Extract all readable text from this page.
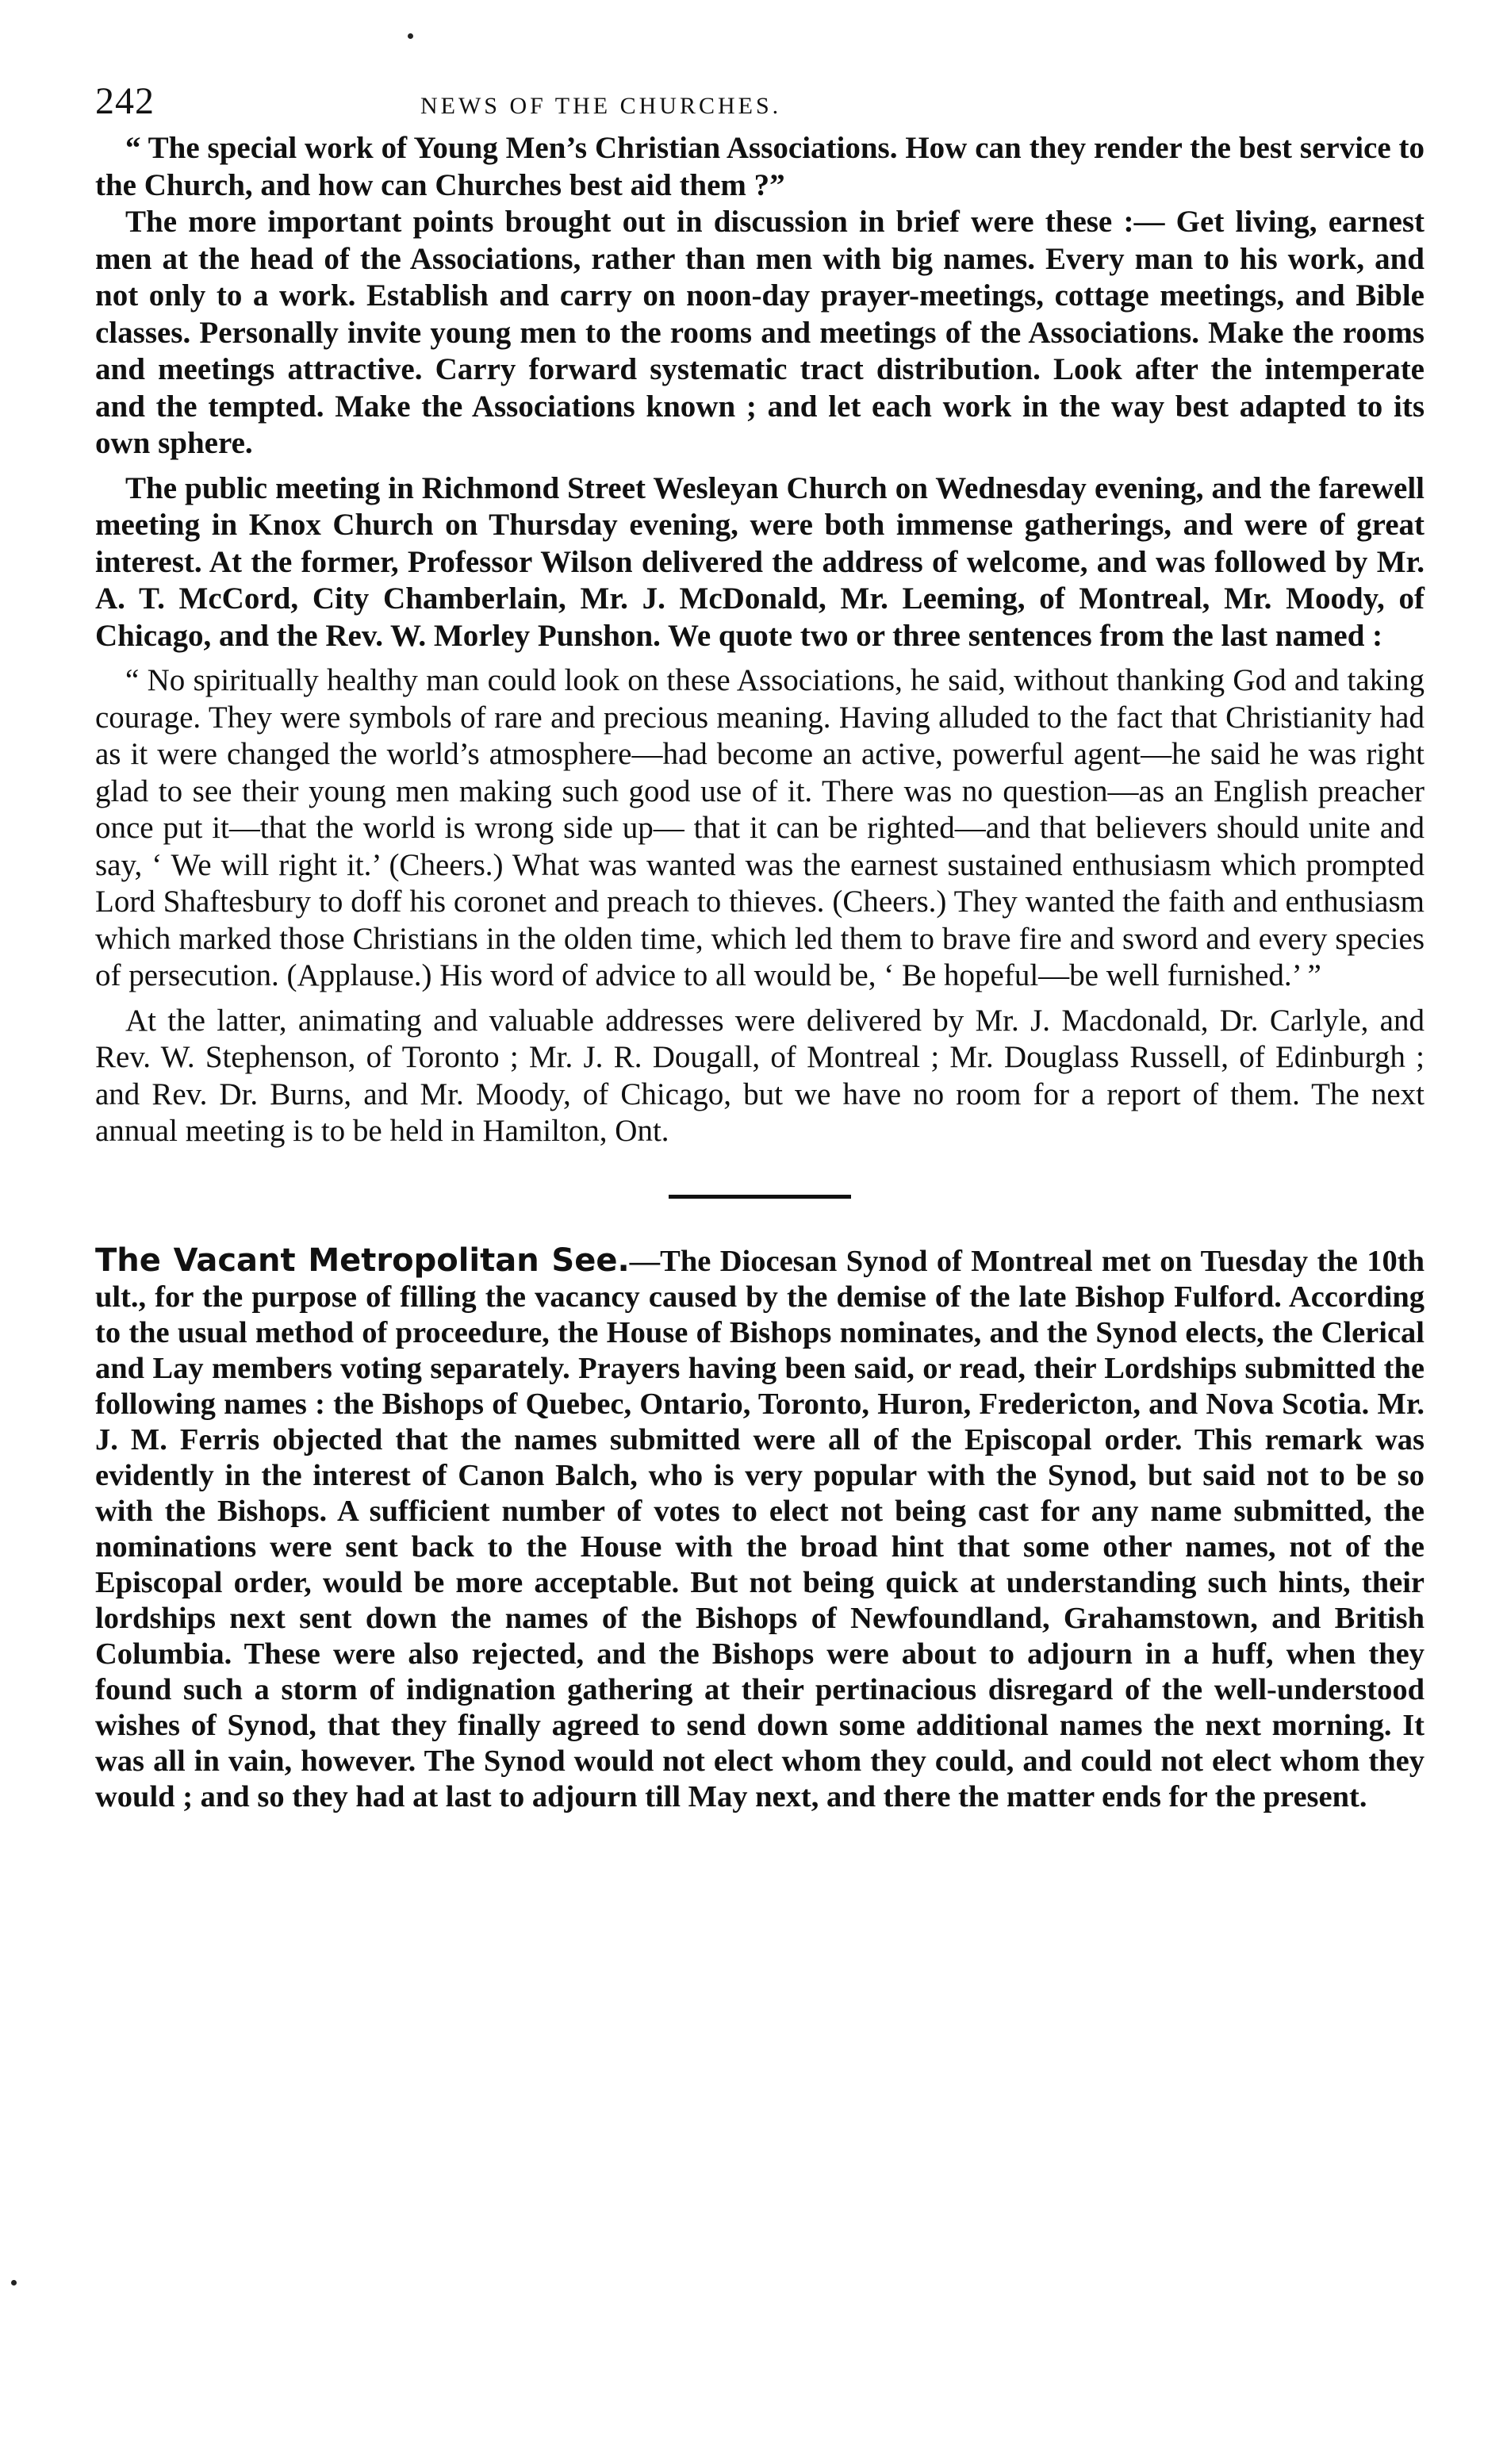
242	NEWS OF THE CHURCHES.

“ The special work of Young Men’s Christian Associations. How can they render the best service to the Church, and how can Churches best aid them ?”

The more important points brought out in discussion in brief were these :— Get living, earnest men at the head of the Associations, rather than men with big names. Every man to his work, and not only to a work. Establish and carry on noon-day prayer-meetings, cottage meetings, and Bible classes. Personally invite young men to the rooms and meetings of the Associations. Make the rooms and meetings attractive. Carry forward systematic tract distribution. Look after the intemperate and the tempted. Make the Associations known ; and let each work in the way best adapted to its own sphere.

The public meeting in Richmond Street Wesleyan Church on Wednesday evening, and the farewell meeting in Knox Church on Thursday evening, were both immense gatherings, and were of great interest. At the former, Professor Wilson delivered the address of welcome, and was followed by Mr. A. T. McCord, City Chamberlain, Mr. J. McDonald, Mr. Leeming, of Montreal, Mr. Moody, of Chicago, and the Rev. W. Morley Punshon. We quote two or three sentences from the last named :

“ No spiritually healthy man could look on these Associations, he said, without thanking God and taking courage. They were symbols of rare and precious meaning. Having alluded to the fact that Christianity had as it were changed the world’s atmosphere—had become an active, powerful agent—he said he was right glad to see their young men making such good use of it. There was no question—as an English preacher once put it—that the world is wrong side up— that it can be righted—and that believers should unite and say, ‘ We will right it.’ (Cheers.) What was wanted was the earnest sustained enthusiasm which prompted Lord Shaftesbury to doff his coronet and preach to thieves. (Cheers.) They wanted the faith and enthusiasm which marked those Christians in the olden time, which led them to brave fire and sword and every species of persecution. (Applause.) His word of advice to all would be, ‘ Be hopeful—be well furnished.’ ”

At the latter, animating and valuable addresses were delivered by Mr. J. Macdonald, Dr. Carlyle, and Rev. W. Stephenson, of Toronto ; Mr. J. R. Dougall, of Montreal ; Mr. Douglass Russell, of Edinburgh ; and Rev. Dr. Burns, and Mr. Moody, of Chicago, but we have no room for a report of them. The next annual meeting is to be held in Hamilton, Ont.

The Vacant Metropolitan See.—The Diocesan Synod of Montreal met on Tuesday the 10th ult., for the purpose of filling the vacancy caused by the demise of the late Bishop Fulford. According to the usual method of proceedure, the House of Bishops nominates, and the Synod elects, the Clerical and Lay members voting separately. Prayers having been said, or read, their Lordships submitted the following names : the Bishops of Quebec, Ontario, Toronto, Huron, Fredericton, and Nova Scotia. Mr. J. M. Ferris objected that the names submitted were all of the Episcopal order. This remark was evidently in the interest of Canon Balch, who is very popular with the Synod, but said not to be so with the Bishops. A sufficient number of votes to elect not being cast for any name submitted, the nominations were sent back to the House with the broad hint that some other names, not of the Episcopal order, would be more acceptable. But not being quick at understanding such hints, their lordships next sent down the names of the Bishops of Newfoundland, Grahamstown, and British Columbia. These were also rejected, and the Bishops were about to adjourn in a huff, when they found such a storm of indignation gathering at their pertinacious disregard of the well-understood wishes of Synod, that they finally agreed to send down some additional names the next morning. It was all in vain, however. The Synod would not elect whom they could, and could not elect whom they would ; and so they had at last to adjourn till May next, and there the matter ends for the present.
